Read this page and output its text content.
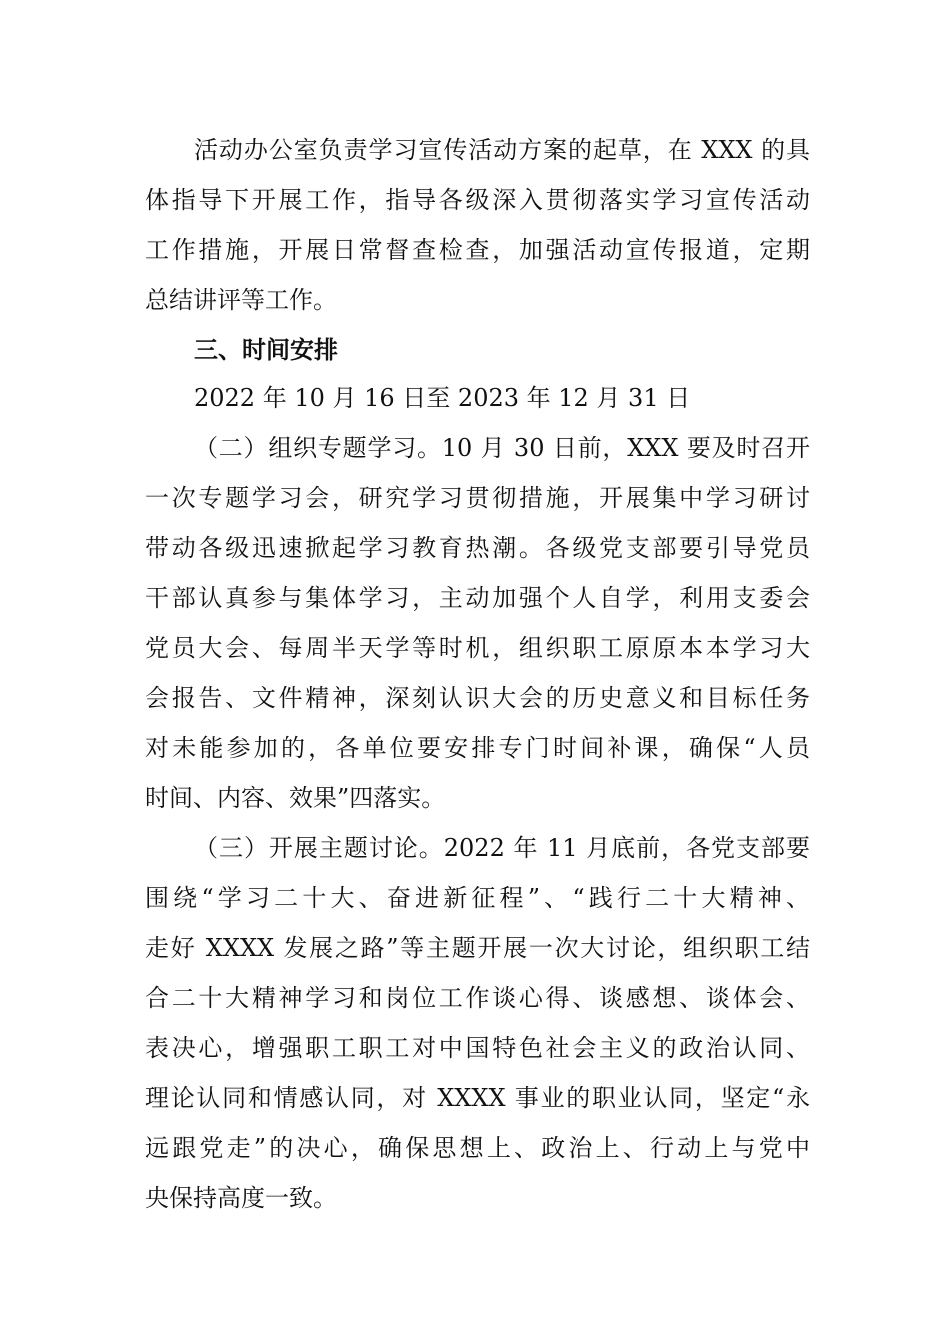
活动办公室负责学习宣传活动方案的起草，在 XXX 的具

体指导下开展工作，指导各级深入贯彻落实学习宣传活动

工作措施，开展日常督查检查，加强活动宣传报道，定期

总结讲评等工作。

三、时间安排

2022 年 10 月 16 日至 2023 年 12 月 31 日

（二）组织专题学习。10 月 30 日前，XXX 要及时召开

一次专题学习会，研究学习贯彻措施，开展集中学习研讨

带动各级迅速掀起学习教育热潮。各级党支部要引导党员

干部认真参与集体学习，主动加强个人自学，利用支委会

党员大会、每周半天学等时机，组织职工原原本本学习大

会报告、文件精神，深刻认识大会的历史意义和目标任务

对未能参加的，各单位要安排专门时间补课，确保“人员

时间、内容、效果”四落实。

（三）开展主题讨论。2022 年 11 月底前，各党支部要

围绕“学习二十大、奋进新征程”、“践行二十大精神、

走好 XXXX 发展之路”等主题开展一次大讨论，组织职工结

合二十大精神学习和岗位工作谈心得、谈感想、谈体会、

表决心，增强职工职工对中国特色社会主义的政治认同、

理论认同和情感认同，对 XXXX 事业的职业认同，坚定“永

远跟党走”的决心，确保思想上、政治上、行动上与党中

央保持高度一致。
